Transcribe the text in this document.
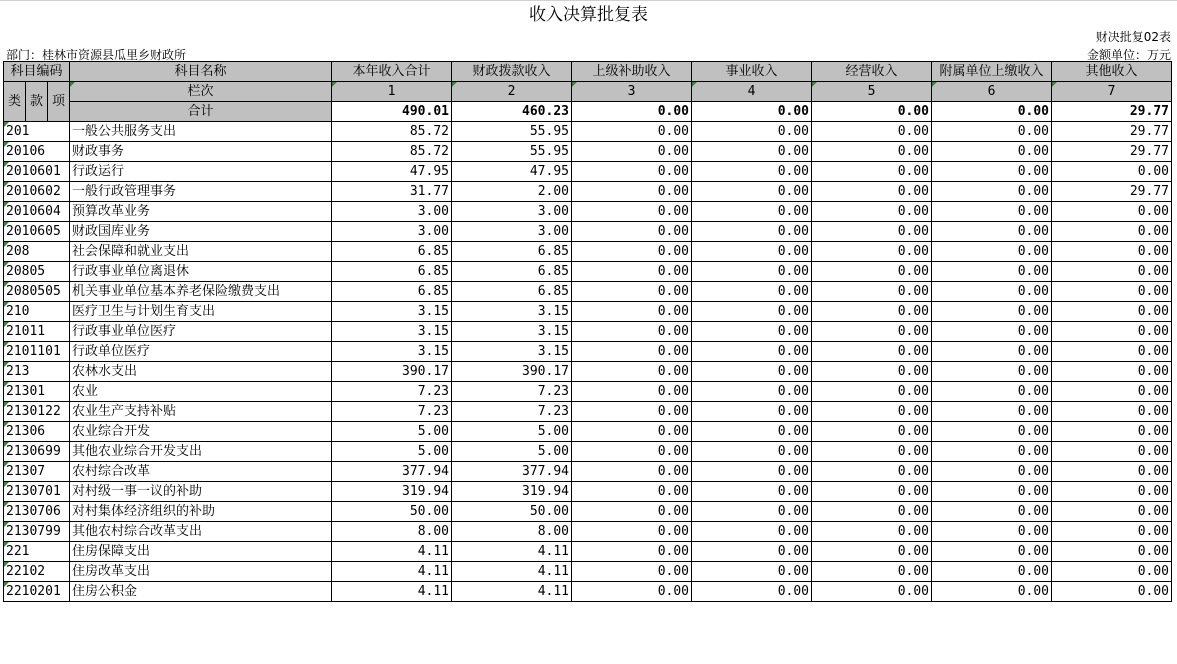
收入决算批复表
财决批复02表
部门：桂林市资源县瓜里乡财政所	金额单位：万元
科目编码			科目名称	本年收入合计	财政拨款收入	上级补助收入	事业收入	经营收入	附属单位上缴收入	其他收入
类	款	项	栏次	1	2	3	4	5	6	7
			合计	490.01	460.23	0.00	0.00	0.00	0.00	29.77
201			一般公共服务支出	85.72	55.95	0.00	0.00	0.00	0.00	29.77
20106			财政事务	85.72	55.95	0.00	0.00	0.00	0.00	29.77
2010601			行政运行	47.95	47.95	0.00	0.00	0.00	0.00	0.00
2010602			一般行政管理事务	31.77	2.00	0.00	0.00	0.00	0.00	29.77
2010604			预算改革业务	3.00	3.00	0.00	0.00	0.00	0.00	0.00
2010605			财政国库业务	3.00	3.00	0.00	0.00	0.00	0.00	0.00
208			社会保障和就业支出	6.85	6.85	0.00	0.00	0.00	0.00	0.00
20805			行政事业单位离退休	6.85	6.85	0.00	0.00	0.00	0.00	0.00
2080505			机关事业单位基本养老保险缴费支出	6.85	6.85	0.00	0.00	0.00	0.00	0.00
210			医疗卫生与计划生育支出	3.15	3.15	0.00	0.00	0.00	0.00	0.00
21011			行政事业单位医疗	3.15	3.15	0.00	0.00	0.00	0.00	0.00
2101101			行政单位医疗	3.15	3.15	0.00	0.00	0.00	0.00	0.00
213			农林水支出	390.17	390.17	0.00	0.00	0.00	0.00	0.00
21301			农业	7.23	7.23	0.00	0.00	0.00	0.00	0.00
2130122			农业生产支持补贴	7.23	7.23	0.00	0.00	0.00	0.00	0.00
21306			农业综合开发	5.00	5.00	0.00	0.00	0.00	0.00	0.00
2130699			其他农业综合开发支出	5.00	5.00	0.00	0.00	0.00	0.00	0.00
21307			农村综合改革	377.94	377.94	0.00	0.00	0.00	0.00	0.00
2130701			对村级一事一议的补助	319.94	319.94	0.00	0.00	0.00	0.00	0.00
2130706			对村集体经济组织的补助	50.00	50.00	0.00	0.00	0.00	0.00	0.00
2130799			其他农村综合改革支出	8.00	8.00	0.00	0.00	0.00	0.00	0.00
221			住房保障支出	4.11	4.11	0.00	0.00	0.00	0.00	0.00
22102			住房改革支出	4.11	4.11	0.00	0.00	0.00	0.00	0.00
2210201			住房公积金	4.11	4.11	0.00	0.00	0.00	0.00	0.00
